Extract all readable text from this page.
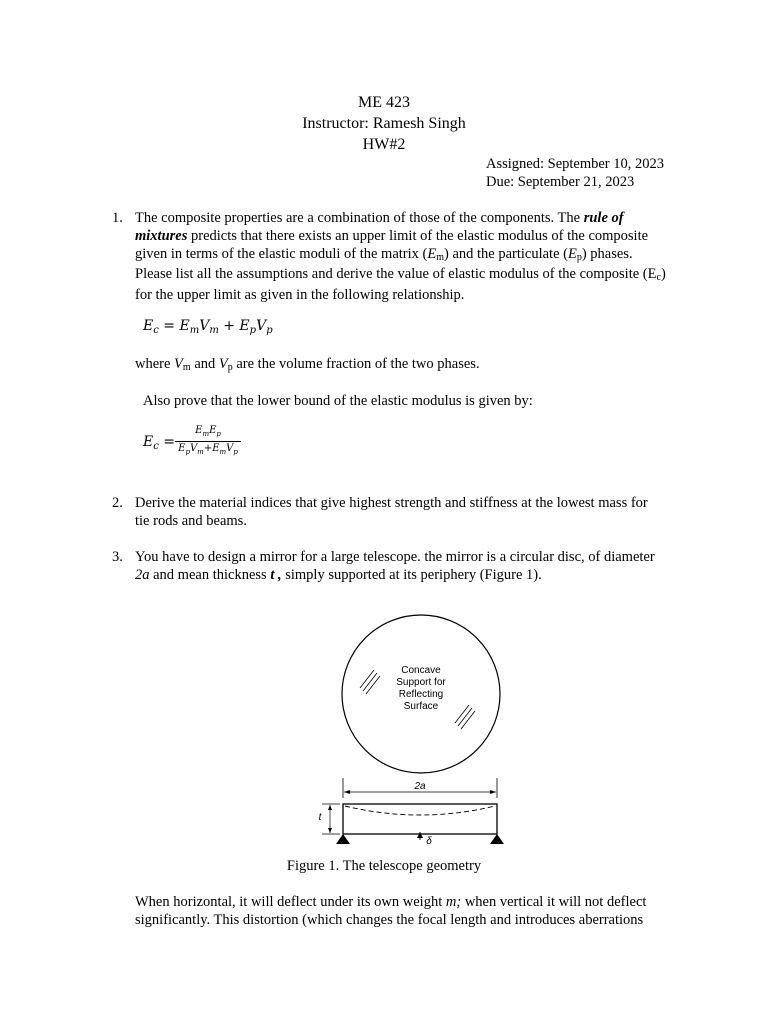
ME 423
Instructor: Ramesh Singh
HW#2
Assigned: September 10, 2023
Due: September 21, 2023
1. The composite properties are a combination of those of the components. The rule of
mixtures predicts that there exists an upper limit of the elastic modulus of the composite
given in terms of the elastic moduli of the matrix $(E_m)$ and the particulate $(E_p)$ phases.
Please list all the assumptions and derive the value of elastic modulus of the composite $(E_c)$
for the upper limit as given in the following relationship.
$E_c = E_mV_m + E_pV_p$
where $V_m$ and $V_p$ are the volume fraction of the two phases.
Also prove that the lower bound of the elastic modulus is given by:
$E_c$ =
$E_mE_p$
$E_pV_m+E_mV_p$
2. Derive the material indices that give highest strength and stiffness at the lowest mass for
tie rods and beams.
3. You have to design a mirror for a large telescope. the mirror is a circular disc, of diameter
2a and mean thickness t , simply supported at its periphery (Figure 1).
Concave
Support for
Reflecting
Surface
2a
t
δ
Figure 1. The telescope geometry
When horizontal, it will deflect under its own weight m; when vertical it will not deflect
significantly. This distortion (which changes the focal length and introduces aberrations
